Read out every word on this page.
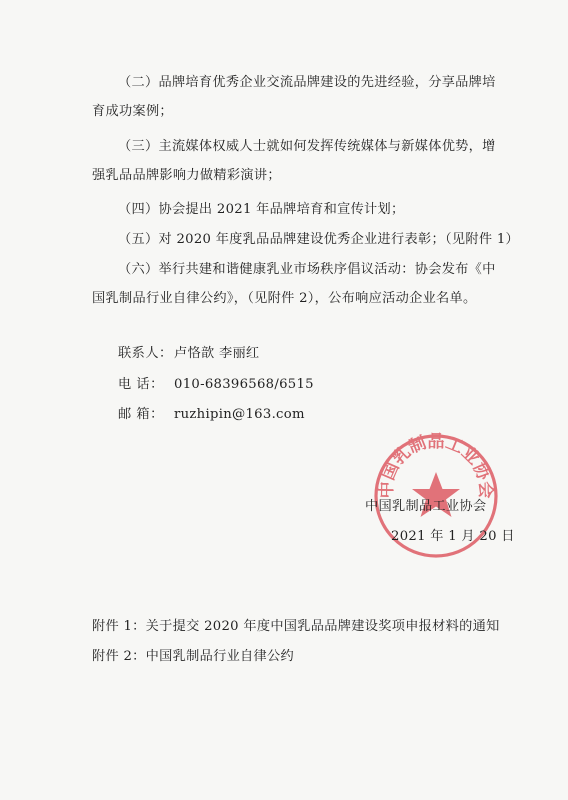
（二）品牌培育优秀企业交流品牌建设的先进经验，分享品牌培
育成功案例；
（三）主流媒体权威人士就如何发挥传统媒体与新媒体优势，增
强乳品品牌影响力做精彩演讲；
（四）协会提出 2021 年品牌培育和宣传计划；
（五）对 2020 年度乳品品牌建设优秀企业进行表彰；（见附件 1）
（六）举行共建和谐健康乳业市场秩序倡议活动：协会发布《中
国乳制品行业自律公约》，（见附件 2），公布响应活动企业名单。
联系人： 卢恪歆 李丽红
电 话： 010-68396568/6515
邮 箱： ruzhipin@163.com
中国乳制品工业协会
中国乳制品工业协会
2021 年 1 月 20 日
附件 1：关于提交 2020 年度中国乳品品牌建设奖项申报材料的通知
附件 2：中国乳制品行业自律公约
